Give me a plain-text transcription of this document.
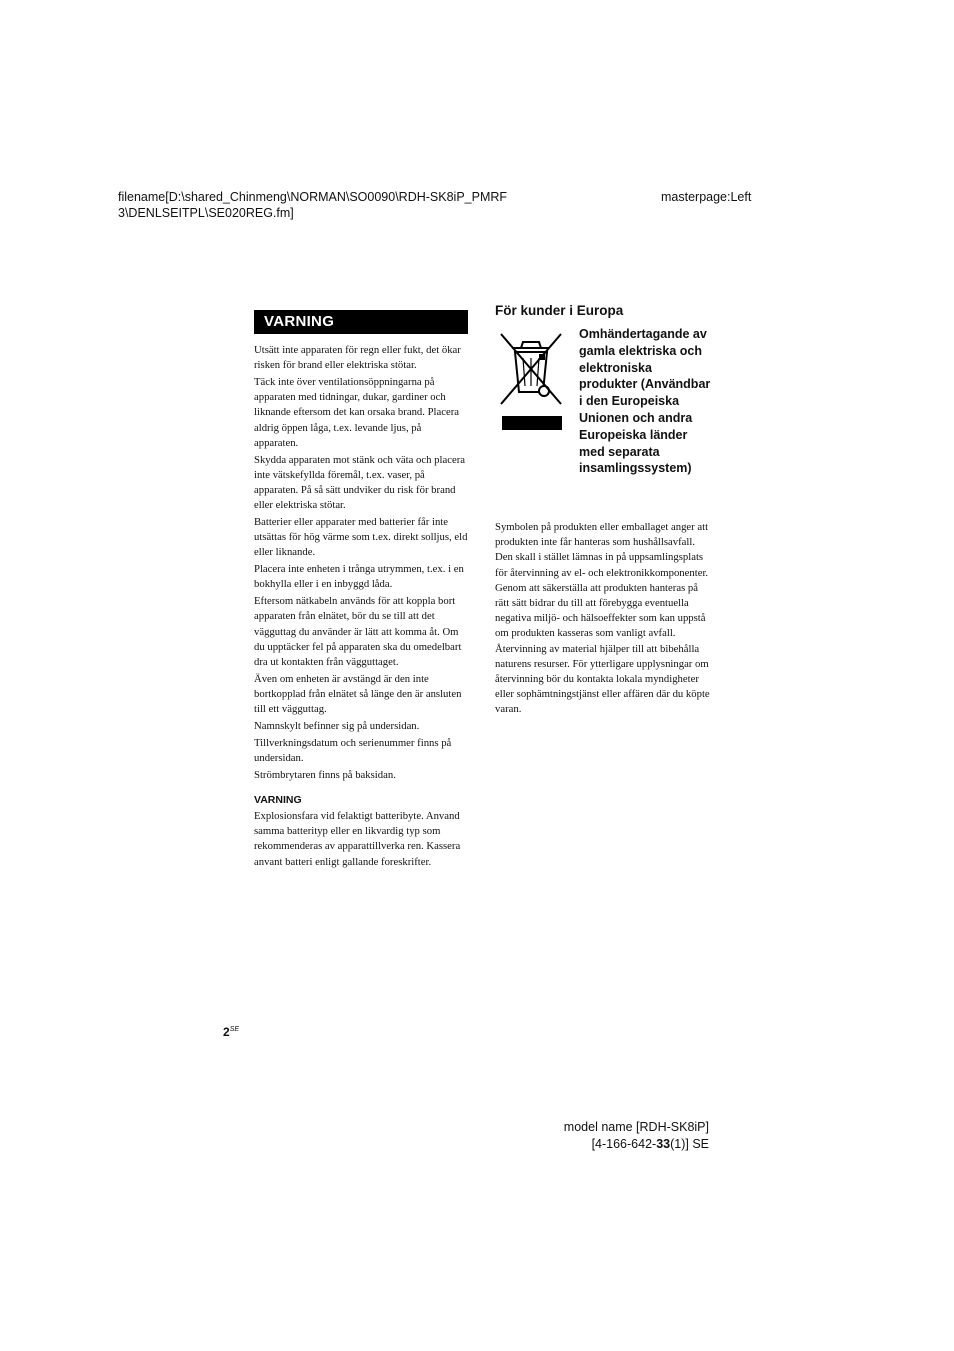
filename[D:\shared_Chinmeng\NORMAN\SO0090\RDH-SK8iP_PMRF
3\DENLSEITPL\SE020REG.fm]
masterpage:Left
VARNING

Utsätt inte apparaten för regn eller fukt, det ökar risken för brand eller elektriska stötar.

Täck inte över ventilationsöppningarna på apparaten med tidningar, dukar, gardiner och liknande eftersom det kan orsaka brand. Placera aldrig öppen låga, t.ex. levande ljus, på apparaten.

Skydda apparaten mot stänk och väta och placera inte vätskefyllda föremål, t.ex. vaser, på apparaten. På så sätt undviker du risk för brand eller elektriska stötar.

Batterier eller apparater med batterier får inte utsättas för hög värme som t.ex. direkt solljus, eld eller liknande.

Placera inte enheten i trånga utrymmen, t.ex. i en bokhylla eller i en inbyggd låda.

Eftersom nätkabeln används för att koppla bort apparaten från elnätet, bör du se till att det vägguttag du använder är lätt att komma åt. Om du upptäcker fel på apparaten ska du omedelbart dra ut kontakten från vägguttaget.

Även om enheten är avstängd är den inte bortkopplad från elnätet så länge den är ansluten till ett vägguttag.

Namnskylt befinner sig på undersidan.

Tillverkningsdatum och serienummer finns på undersidan.

Strömbrytaren finns på baksidan.

VARNING

Explosionsfara vid felaktigt batteribyte. Anvand samma batterityp eller en likvardig typ som rekommenderas av apparattillverka ren. Kassera anvant batteri enligt gallande foreskrifter.

För kunder i Europa
Omhändertagande av gamla elektriska och elektroniska produkter (Användbar i den Europeiska Unionen och andra Europeiska länder med separata insamlingssystem)

Symbolen på produkten eller emballaget anger att produkten inte får hanteras som hushållsavfall. Den skall i stället lämnas in på uppsamlingsplats för återvinning av el- och elektronikkomponenter. Genom att säkerställa att produkten hanteras på rätt sätt bidrar du till att förebygga eventuella negativa miljö- och hälsoeffekter som kan uppstå om produkten kasseras som vanligt avfall. Återvinning av material hjälper till att bibehålla naturens resurser. För ytterligare upplysningar om återvinning bör du kontakta lokala myndigheter eller sophämtningstjänst eller affären där du köpte varan.

$2^{SE}$
model name [RDH-SK8iP]
[4-166-642-33(1)] SE
